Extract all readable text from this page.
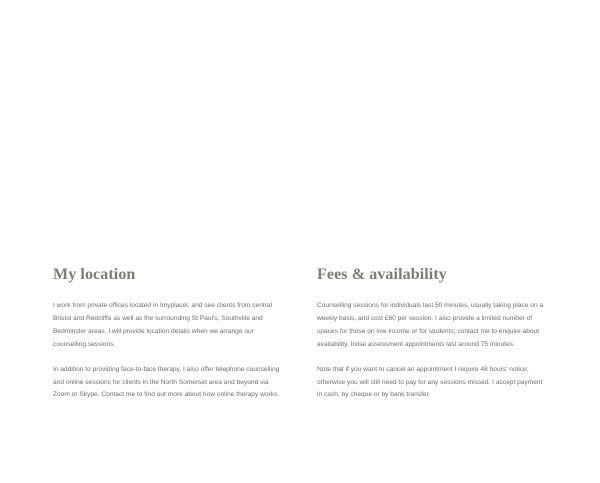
My location

I work from private offices located in Imyplacel, and see clients from central Bristol and Redcliffe as well as the surrounding St Paul's, Southville and Bedminster areas. I will provide location details when we arrange our counselling sessions.

In addition to providing face-to-face therapy, I also offer telephone counselling and online sessions for clients in the North Somerset area and beyond via Zoom or Skype. Contact me to find out more about how online therapy works.

Fees & availability

Counselling sessions for individuals last 50 minutes, usually taking place on a weekly basis, and cost £60 per session. I also provide a limited number of spaces for those on low-income or for students; contact me to enquire about availability. Initial assessment appointments last around 75 minutes.

Note that if you want to cancel an appointment I require 48 hours' notice; otherwise you will still need to pay for any sessions missed. I accept payment in cash, by cheque or by bank transfer.
